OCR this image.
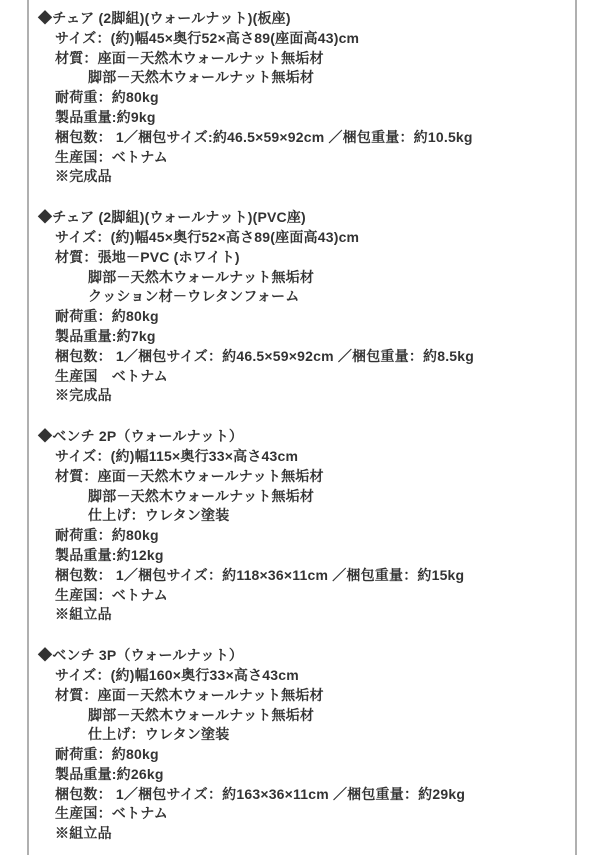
◆チェア (2脚組)(ウォールナット)(板座)
サイズ：(約)幅45×奥行52×高さ89(座面高43)cm
材質：座面－天然木ウォールナット無垢材
脚部－天然木ウォールナット無垢材
耐荷重：約80kg
製品重量:約9kg
梱包数： 1／梱包サイズ:約46.5×59×92cm ／梱包重量：約10.5kg
生産国：ベトナム
※完成品
◆チェア (2脚組)(ウォールナット)(PVC座)
サイズ：(約)幅45×奥行52×高さ89(座面高43)cm
材質：張地－PVC (ホワイト)
脚部－天然木ウォールナット無垢材
クッション材－ウレタンフォーム
耐荷重：約80kg
製品重量:約7kg
梱包数： 1／梱包サイズ：約46.5×59×92cm ／梱包重量：約8.5kg
生産国　ベトナム
※完成品
◆ベンチ 2P（ウォールナット）
サイズ：(約)幅115×奥行33×高さ43cm
材質：座面－天然木ウォールナット無垢材
脚部－天然木ウォールナット無垢材
仕上げ：ウレタン塗装
耐荷重：約80kg
製品重量:約12kg
梱包数： 1／梱包サイズ：約118×36×11cm ／梱包重量：約15kg
生産国：ベトナム
※組立品
◆ベンチ 3P（ウォールナット）
サイズ：(約)幅160×奥行33×高さ43cm
材質：座面－天然木ウォールナット無垢材
脚部－天然木ウォールナット無垢材
仕上げ：ウレタン塗装
耐荷重：約80kg
製品重量:約26kg
梱包数： 1／梱包サイズ：約163×36×11cm ／梱包重量：約29kg
生産国：ベトナム
※組立品
